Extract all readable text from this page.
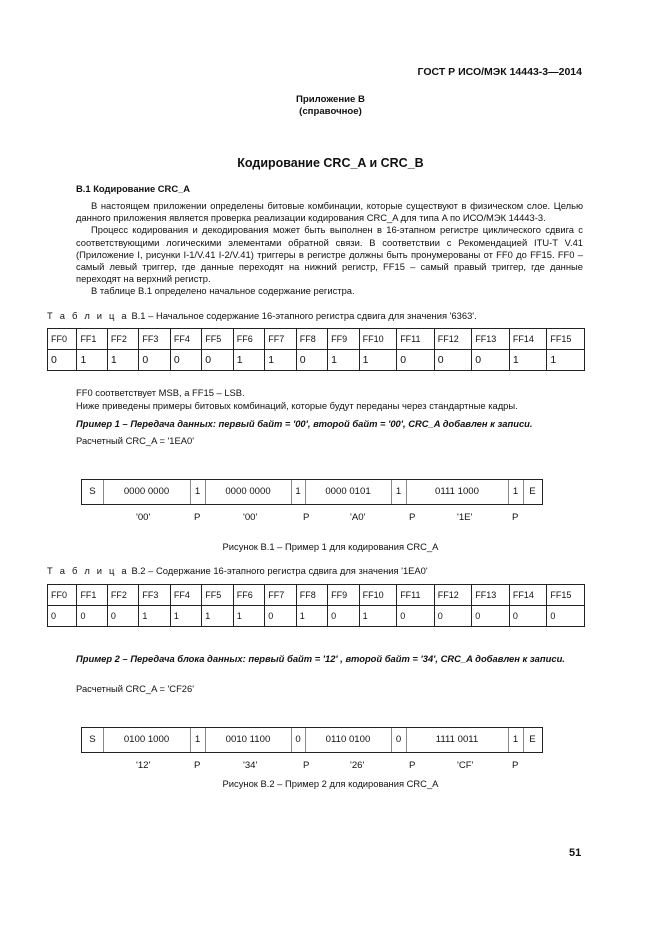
ГОСТ Р ИСО/МЭК 14443-3—2014
Приложение В
(справочное)
Кодирование CRC_A и CRC_B
В.1 Кодирование CRC_A

В настоящем приложении определены битовые комбинации, которые существуют в физическом слое. Целью данного приложения является проверка реализации кодирования CRC_A для типа A по ИСО/МЭК 14443-3.

Процесс кодирования и декодирования может быть выполнен в 16-этапном регистре циклического сдвига с соответствующими логическими элементами обратной связи. В соответствии с Рекомендацией ITU-T V.41 (Приложение I, рисунки I-1/V.41 I-2/V.41) триггеры в регистре должны быть пронумерованы от FF0 до FF15. FF0 – самый левый триггер, где данные переходят на нижний регистр, FF15 – самый правый триггер, где данные переходят на верхний регистр.

В таблице В.1 определено начальное содержание регистра.

Т а б л и ц а В.1 – Начальное содержание 16-этапного регистра сдвига для значения '6363'.
FF0	FF1	FF2	FF3	FF4	FF5	FF6	FF7	FF8	FF9	FF10	FF11	FF12	FF13	FF14	FF15
0	1	1	0	0	0	1	1	0	1	1	0	0	0	1	1
FF0 соответствует MSB, а FF15 – LSB.
Ниже приведены примеры битовых комбинаций, которые будут переданы через стандартные кадры.
Пример 1 – Передача данных: первый байт = '00', второй байт = '00', CRC_A добавлен к записи.
Расчетный CRC_A = '1EA0'
S	0000 0000	1	0000 0000	1	0000 0101	1	0111 1000	1	E
'00'	P	'00'	P	'A0'	P	'1E'	P
Рисунок В.1 – Пример 1 для кодирования CRC_A
Т а б л и ц а В.2 – Содержание 16-этапного регистра сдвига для значения '1EA0'
FF0	FF1	FF2	FF3	FF4	FF5	FF6	FF7	FF8	FF9	FF10	FF11	FF12	FF13	FF14	FF15
0	0	0	1	1	1	1	0	1	0	1	0	0	0	0	0
Пример 2 – Передача блока данных: первый байт = '12' , второй байт = '34', CRC_A добавлен к записи.
Расчетный CRC_A = 'CF26'
S	0100 1000	1	0010 1100	0	0110 0100	0	1111 0011	1	E
'12'	P	'34'	P	'26'	P	'CF'	P
Рисунок В.2 – Пример 2 для кодирования CRC_A
51
